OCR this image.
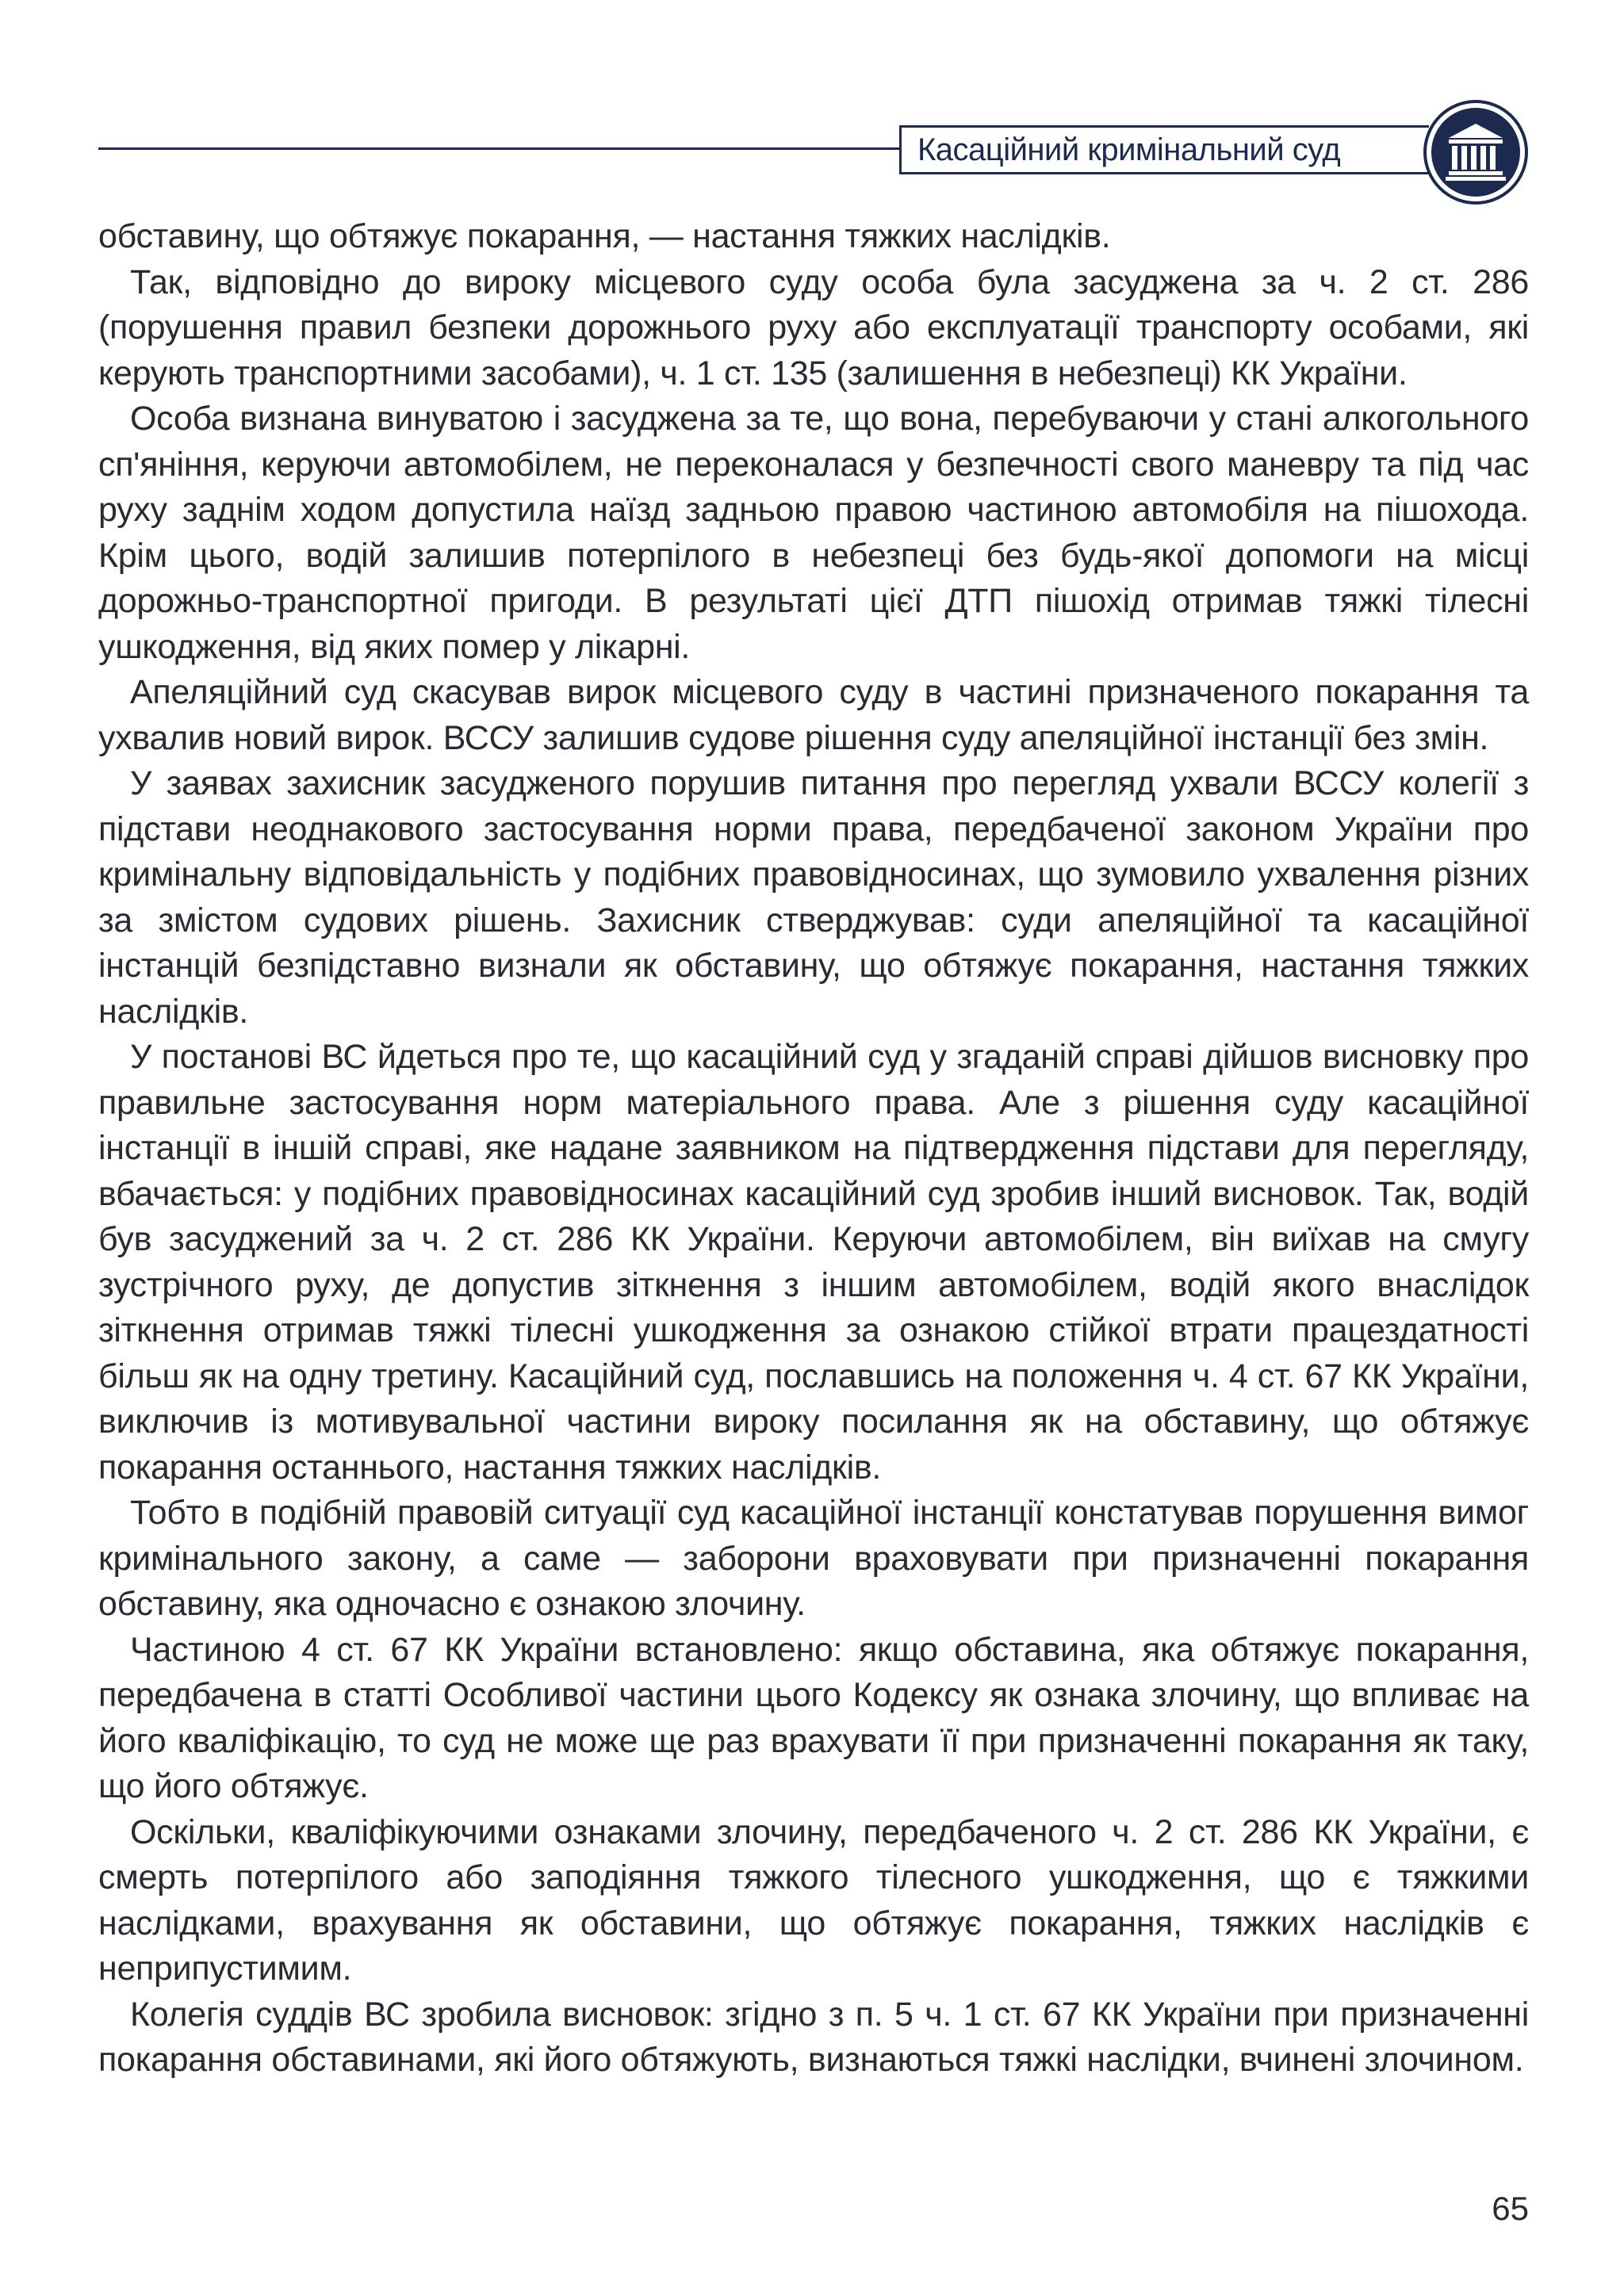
Касаційний кримінальний суд

обставину, що обтяжує покарання, — настання тяжких наслідків.

Так, відповідно до вироку місцевого суду особа була засуджена за ч. 2 ст. 286 (порушення правил безпеки дорожнього руху або експлуатації транспорту особами, які керують транспортними засобами), ч. 1 ст. 135 (залишення в небезпеці) КК України.

Особа визнана винуватою і засуджена за те, що вона, перебуваючи у стані алкогольного сп'яніння, керуючи автомобілем, не переконалася у безпечності свого маневру та під час руху заднім ходом допустила наїзд задньою правою частиною автомобіля на пішохода. Крім цього, водій залишив потерпілого в небезпеці без будь-якої допомоги на місці дорожньо-транспортної пригоди. В результаті цієї ДТП пішохід отримав тяжкі тілесні ушкодження, від яких помер у лікарні.

Апеляційний суд скасував вирок місцевого суду в частині призначеного покарання та ухвалив новий вирок. ВССУ залишив судове рішення суду апеляційної інстанції без змін.

У заявах захисник засудженого порушив питання про перегляд ухвали ВССУ колегії з підстави неоднакового застосування норми права, передбаченої законом України про кримінальну відповідальність у подібних правовідносинах, що зумовило ухвалення різних за змістом судових рішень. Захисник стверджував: суди апеляційної та касаційної інстанцій безпідставно визнали як обставину, що обтяжує покарання, настання тяжких наслідків.

У постанові ВС йдеться про те, що касаційний суд у згаданій справі дійшов висновку про правильне застосування норм матеріального права. Але з рішення суду касаційної інстанції в іншій справі, яке надане заявником на підтвердження підстави для перегляду, вбачається: у подібних правовідносинах касаційний суд зробив інший висновок. Так, водій був засуджений за ч. 2 ст. 286 КК України. Керуючи автомобілем, він виїхав на смугу зустрічного руху, де допустив зіткнення з іншим автомобілем, водій якого внаслідок зіткнення отримав тяжкі тілесні ушкодження за ознакою стійкої втрати працездатності більш як на одну третину. Касаційний суд, пославшись на положення ч. 4 ст. 67 КК України, виключив із мотивувальної частини вироку посилання як на обставину, що обтяжує покарання останнього, настання тяжких наслідків.

Тобто в подібній правовій ситуації суд касаційної інстанції констатував порушення вимог кримінального закону, а саме — заборони враховувати при призначенні покарання обставину, яка одночасно є ознакою злочину.

Частиною 4 ст. 67 КК України встановлено: якщо обставина, яка обтяжує покарання, передбачена в статті Особливої частини цього Кодексу як ознака злочину, що впливає на його кваліфікацію, то суд не може ще раз врахувати її при призначенні покарання як таку, що його обтяжує.

Оскільки, кваліфікуючими ознаками злочину, передбаченого ч. 2 ст. 286 КК України, є смерть потерпілого або заподіяння тяжкого тілесного ушкодження, що є тяжкими наслідками, врахування як обставини, що обтяжує покарання, тяжких наслідків є неприпустимим.

Колегія суддів ВС зробила висновок: згідно з п. 5 ч. 1 ст. 67 КК України при призначенні покарання обставинами, які його обтяжують, визнаються тяжкі наслідки, вчинені злочином.

65
